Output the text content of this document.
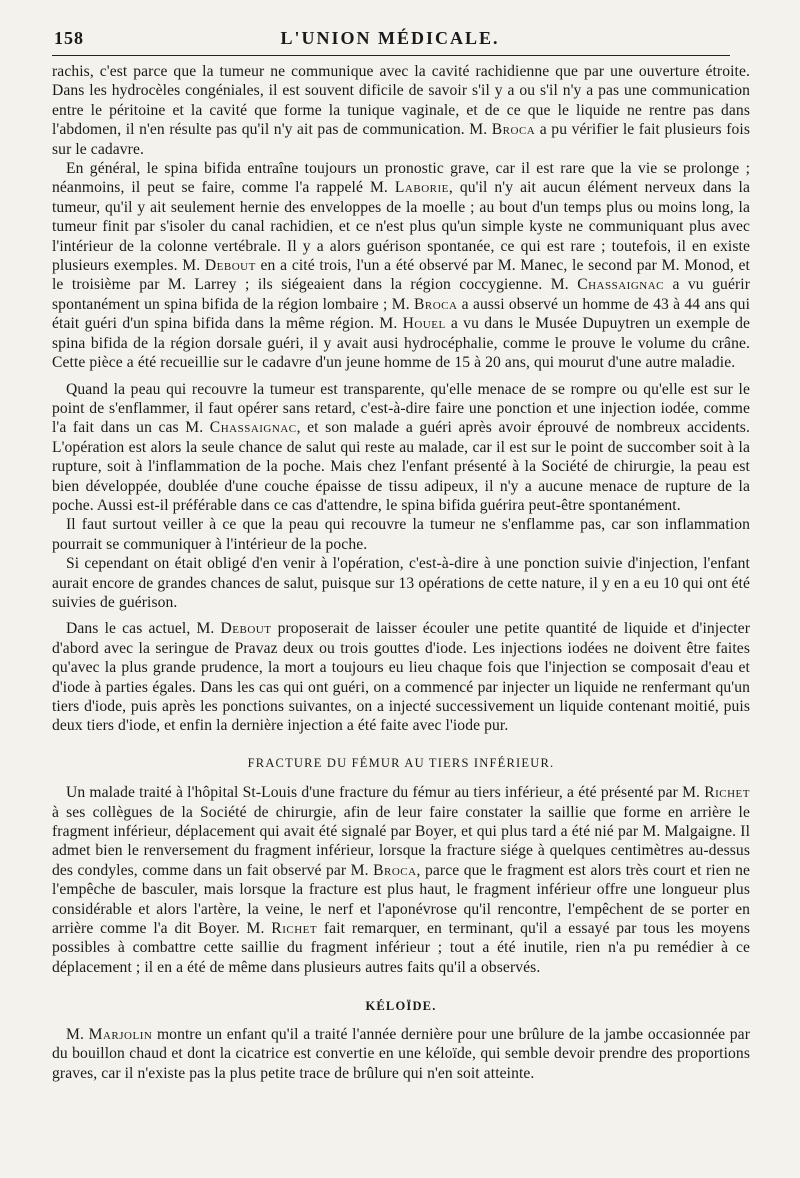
158	L'UNION MÉDICALE.

rachis, c'est parce que la tumeur ne communique avec la cavité rachidienne que par une ouverture étroite. Dans les hydrocèles congéniales, il est souvent dificile de savoir s'il y a ou s'il n'y a pas une communication entre le péritoine et la cavité que forme la tunique vaginale, et de ce que le liquide ne rentre pas dans l'abdomen, il n'en résulte pas qu'il n'y ait pas de communication. M. Broca a pu vérifier le fait plusieurs fois sur le cadavre.

En général, le spina bifida entraîne toujours un pronostic grave, car il est rare que la vie se prolonge ; néanmoins, il peut se faire, comme l'a rappelé M. Laborie, qu'il n'y ait aucun élément nerveux dans la tumeur, qu'il y ait seulement hernie des enveloppes de la moelle ; au bout d'un temps plus ou moins long, la tumeur finit par s'isoler du canal rachidien, et ce n'est plus qu'un simple kyste ne communiquant plus avec l'intérieur de la colonne vertébrale. Il y a alors guérison spontanée, ce qui est rare ; toutefois, il en existe plusieurs exemples. M. Debout en a cité trois, l'un a été observé par M. Manec, le second par M. Monod, et le troisième par M. Larrey ; ils siégeaient dans la région coccygienne. M. Chassaignac a vu guérir spontanément un spina bifida de la région lombaire ; M. Broca a aussi observé un homme de 43 à 44 ans qui était guéri d'un spina bifida dans la même région. M. Houel a vu dans le Musée Dupuytren un exemple de spina bifida de la région dorsale guéri, il y avait ausi hydrocéphalie, comme le prouve le volume du crâne. Cette pièce a été recueillie sur le cadavre d'un jeune homme de 15 à 20 ans, qui mourut d'une autre maladie.

Quand la peau qui recouvre la tumeur est transparente, qu'elle menace de se rompre ou qu'elle est sur le point de s'enflammer, il faut opérer sans retard, c'est-à-dire faire une ponction et une injection iodée, comme l'a fait dans un cas M. Chassaignac, et son malade a guéri après avoir éprouvé de nombreux accidents. L'opération est alors la seule chance de salut qui reste au malade, car il est sur le point de succomber soit à la rupture, soit à l'inflammation de la poche. Mais chez l'enfant présenté à la Société de chirurgie, la peau est bien développée, doublée d'une couche épaisse de tissu adipeux, il n'y a aucune menace de rupture de la poche. Aussi est-il préférable dans ce cas d'attendre, le spina bifida guérira peut-être spontanément.

Il faut surtout veiller à ce que la peau qui recouvre la tumeur ne s'enflamme pas, car son inflammation pourrait se communiquer à l'intérieur de la poche.

Si cependant on était obligé d'en venir à l'opération, c'est-à-dire à une ponction suivie d'injection, l'enfant aurait encore de grandes chances de salut, puisque sur 13 opérations de cette nature, il y en a eu 10 qui ont été suivies de guérison.

Dans le cas actuel, M. Debout proposerait de laisser écouler une petite quantité de liquide et d'injecter d'abord avec la seringue de Pravaz deux ou trois gouttes d'iode. Les injections iodées ne doivent être faites qu'avec la plus grande prudence, la mort a toujours eu lieu chaque fois que l'injection se composait d'eau et d'iode à parties égales. Dans les cas qui ont guéri, on a commencé par injecter un liquide ne renfermant qu'un tiers d'iode, puis après les ponctions suivantes, on a injecté successivement un liquide contenant moitié, puis deux tiers d'iode, et enfin la dernière injection a été faite avec l'iode pur.

FRACTURE DU FÉMUR AU TIERS INFÉRIEUR.

Un malade traité à l'hôpital St-Louis d'une fracture du fémur au tiers inférieur, a été présenté par M. Richet à ses collègues de la Société de chirurgie, afin de leur faire constater la saillie que forme en arrière le fragment inférieur, déplacement qui avait été signalé par Boyer, et qui plus tard a été nié par M. Malgaigne. Il admet bien le renversement du fragment inférieur, lorsque la fracture siége à quelques centimètres au-dessus des condyles, comme dans un fait observé par M. Broca, parce que le fragment est alors très court et rien ne l'empêche de basculer, mais lorsque la fracture est plus haut, le fragment inférieur offre une longueur plus considérable et alors l'artère, la veine, le nerf et l'aponévrose qu'il rencontre, l'empêchent de se porter en arrière comme l'a dit Boyer. M. Richet fait remarquer, en terminant, qu'il a essayé par tous les moyens possibles à combattre cette saillie du fragment inférieur ; tout a été inutile, rien n'a pu remédier à ce déplacement ; il en a été de même dans plusieurs autres faits qu'il a observés.

KÉLOÏDE.

M. Marjolin montre un enfant qu'il a traité l'année dernière pour une brûlure de la jambe occasionnée par du bouillon chaud et dont la cicatrice est convertie en une kéloïde, qui semble devoir prendre des proportions graves, car il n'existe pas la plus petite trace de brûlure qui n'en soit atteinte.
